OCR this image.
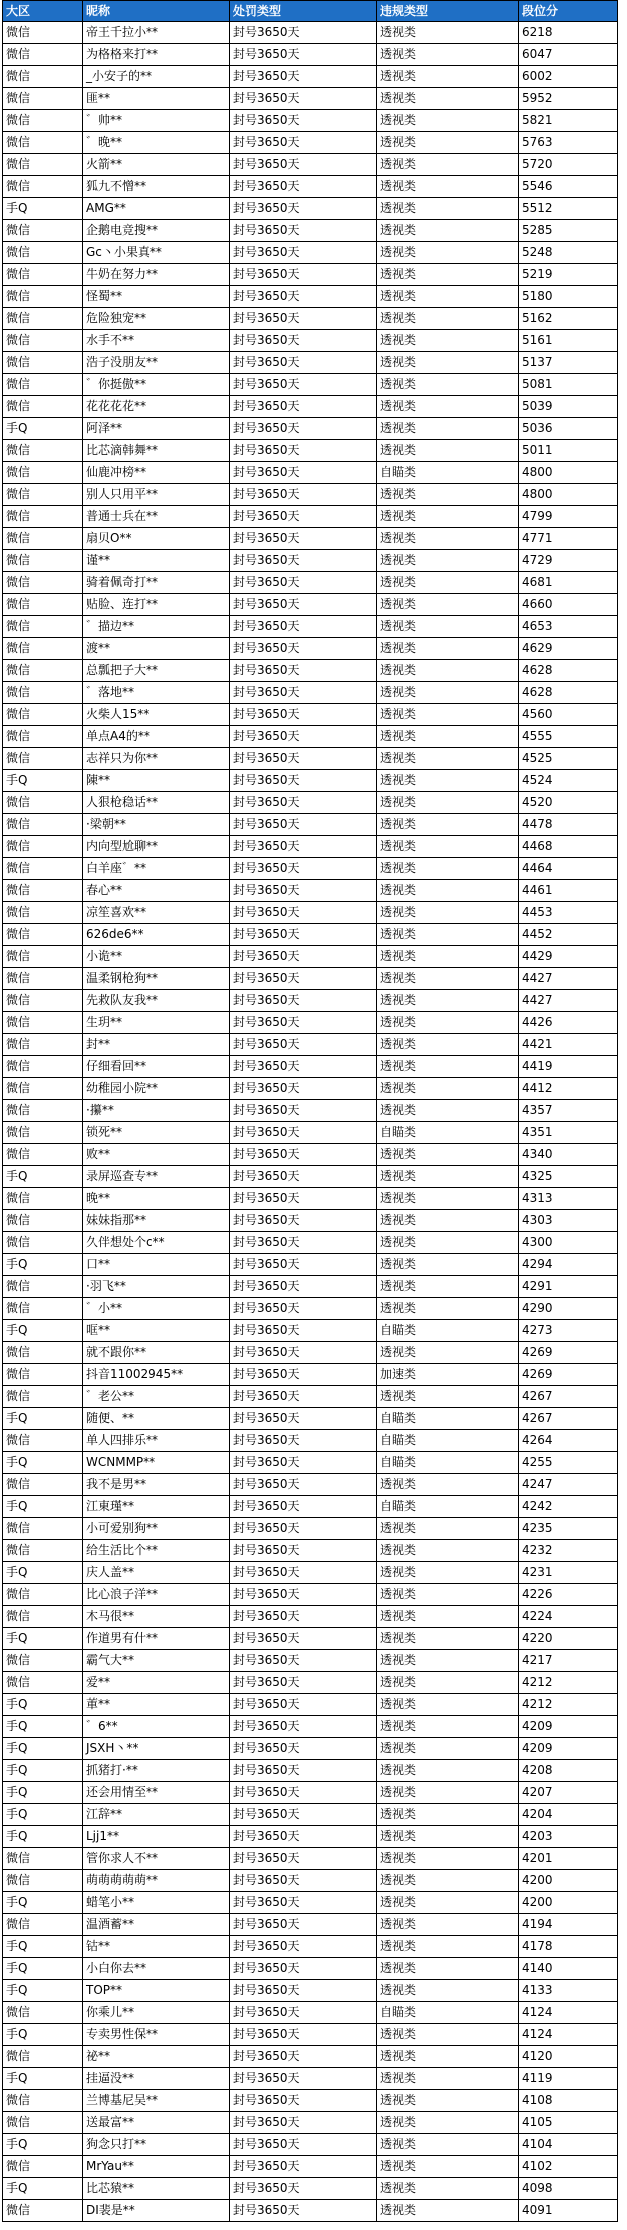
大区	昵称	处罚类型	违规类型	段位分
微信	帝王千拉小**	封号3650天	透视类	6218
微信	为格格来打**	封号3650天	透视类	6047
微信	_小安子的**	封号3650天	透视类	6002
微信	匪**	封号3650天	透视类	5952
微信	゛帅**	封号3650天	透视类	5821
微信	゛晚**	封号3650天	透视类	5763
微信	火箭**	封号3650天	透视类	5720
微信	狐九不憎**	封号3650天	透视类	5546
手Q	AMG**	封号3650天	透视类	5512
微信	企鹅电竞搜**	封号3650天	透视类	5285
微信	Gc丶小果真**	封号3650天	透视类	5248
微信	牛奶在努力**	封号3650天	透视类	5219
微信	怪蜀**	封号3650天	透视类	5180
微信	危险独宠**	封号3650天	透视类	5162
微信	水手不**	封号3650天	透视类	5161
微信	浩子没朋友**	封号3650天	透视类	5137
微信	゛你挺傲**	封号3650天	透视类	5081
微信	花花花花**	封号3650天	透视类	5039
手Q	阿泽**	封号3650天	透视类	5036
微信	比芯滴韩舞**	封号3650天	透视类	5011
微信	仙鹿冲榜**	封号3650天	自瞄类	4800
微信	别人只用平**	封号3650天	透视类	4800
微信	普通士兵在**	封号3650天	透视类	4799
微信	扇贝O**	封号3650天	透视类	4771
微信	谨**	封号3650天	透视类	4729
微信	骑着佩奇打**	封号3650天	透视类	4681
微信	贴脸、连打**	封号3650天	透视类	4660
微信	゛描边**	封号3650天	透视类	4653
微信	渡**	封号3650天	透视类	4629
微信	总瓢把子大**	封号3650天	透视类	4628
微信	゛落地**	封号3650天	透视类	4628
微信	火柴人15**	封号3650天	透视类	4560
微信	单点A4的**	封号3650天	透视类	4555
微信	志祥只为你**	封号3650天	透视类	4525
手Q	陳**	封号3650天	透视类	4524
微信	人狠枪稳话**	封号3650天	透视类	4520
微信	·梁朝**	封号3650天	透视类	4478
微信	内向型尬聊**	封号3650天	透视类	4468
微信	白羊座゛**	封号3650天	透视类	4464
微信	春心**	封号3650天	透视类	4461
微信	凉笙喜欢**	封号3650天	透视类	4453
微信	626de6**	封号3650天	透视类	4452
微信	小诡**	封号3650天	透视类	4429
微信	温柔钢枪狗**	封号3650天	透视类	4427
微信	先救队友我**	封号3650天	透视类	4427
微信	生玥**	封号3650天	透视类	4426
微信	封**	封号3650天	透视类	4421
微信	仔细看回**	封号3650天	透视类	4419
微信	幼稚园小院**	封号3650天	透视类	4412
微信	·攥**	封号3650天	透视类	4357
微信	锁死**	封号3650天	自瞄类	4351
微信	败**	封号3650天	透视类	4340
手Q	录屏巡查专**	封号3650天	透视类	4325
微信	晚**	封号3650天	透视类	4313
微信	妹妹指那**	封号3650天	透视类	4303
微信	久伴想处个c**	封号3650天	透视类	4300
手Q	口**	封号3650天	透视类	4294
微信	·羽飞**	封号3650天	透视类	4291
微信	゛小**	封号3650天	透视类	4290
手Q	哐**	封号3650天	自瞄类	4273
微信	就不跟你**	封号3650天	透视类	4269
微信	抖音11002945**	封号3650天	加速类	4269
微信	゛老公**	封号3650天	透视类	4267
手Q	随便、**	封号3650天	自瞄类	4267
微信	单人四排乐**	封号3650天	自瞄类	4264
手Q	WCNMMP**	封号3650天	自瞄类	4255
微信	我不是男**	封号3650天	透视类	4247
手Q	江東瑾**	封号3650天	自瞄类	4242
微信	小可爱别狗**	封号3650天	透视类	4235
微信	给生活比个**	封号3650天	透视类	4232
手Q	庆人盖**	封号3650天	透视类	4231
微信	比心浪子洋**	封号3650天	透视类	4226
微信	木马很**	封号3650天	透视类	4224
手Q	作道男有什**	封号3650天	透视类	4220
微信	霸气大**	封号3650天	透视类	4217
微信	爱**	封号3650天	透视类	4212
手Q	莗**	封号3650天	透视类	4212
手Q	゛6**	封号3650天	透视类	4209
手Q	JSXH丶**	封号3650天	透视类	4209
手Q	抓猪打·**	封号3650天	透视类	4208
手Q	还会用情至**	封号3650天	透视类	4207
手Q	江辞**	封号3650天	透视类	4204
手Q	Ljj1**	封号3650天	透视类	4203
微信	管你求人不**	封号3650天	透视类	4201
微信	萌萌萌萌萌**	封号3650天	透视类	4200
手Q	蜡笔小**	封号3650天	透视类	4200
微信	温酒蓄**	封号3650天	透视类	4194
手Q	钴**	封号3650天	透视类	4178
手Q	小白你去**	封号3650天	透视类	4140
手Q	TOP**	封号3650天	透视类	4133
微信	你乘儿**	封号3650天	自瞄类	4124
手Q	专卖男性保**	封号3650天	透视类	4124
微信	祕**	封号3650天	透视类	4120
手Q	挂逼没**	封号3650天	透视类	4119
微信	兰博基尼吴**	封号3650天	透视类	4108
微信	送最富**	封号3650天	透视类	4105
手Q	狗念只打**	封号3650天	透视类	4104
微信	MrYau**	封号3650天	透视类	4102
手Q	比芯猿**	封号3650天	透视类	4098
微信	DI裴是**	封号3650天	透视类	4091
